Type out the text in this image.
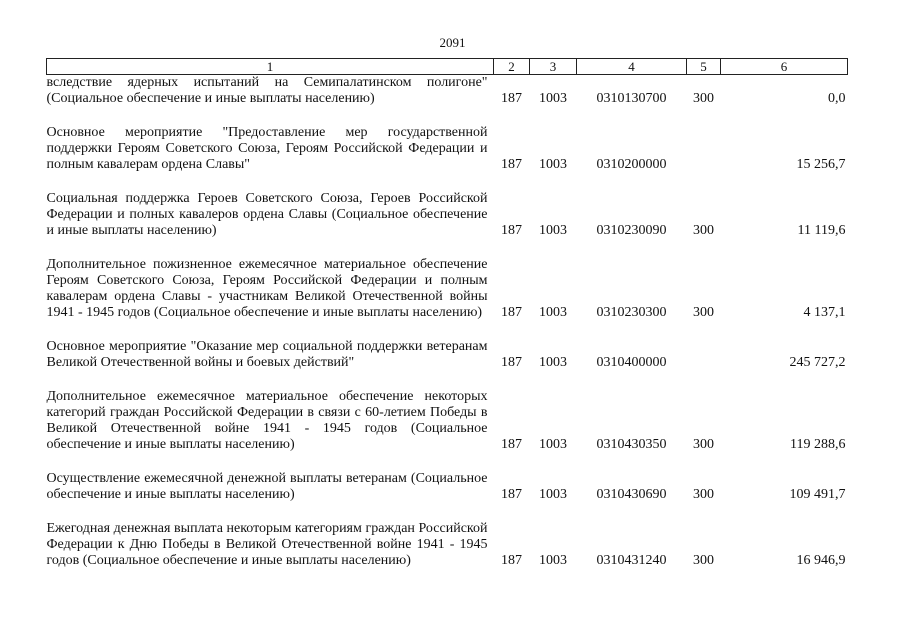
2091
1	2	3	4	5	6
вследствие ядерных испытаний на Семипалатинском полигоне" (Социальное обеспечение и иные выплаты населению)	187	1003	0310130700	300	0,0

Основное мероприятие "Предоставление мер государственной поддержки Героям Советского Союза, Героям Российской Федерации и полным кавалерам ордена Славы"	187	1003	0310200000		15 256,7

Социальная поддержка Героев Советского Союза, Героев Российской Федерации и полных кавалеров ордена Славы (Социальное обеспечение и иные выплаты населению)	187	1003	0310230090	300	11 119,6

Дополнительное пожизненное ежемесячное материальное обеспечение Героям Советского Союза, Героям Российской Федерации и полным кавалерам ордена Славы - участникам Великой Отечественной войны 1941 - 1945 годов (Социальное обеспечение и иные выплаты населению)	187	1003	0310230300	300	4 137,1

Основное мероприятие "Оказание мер социальной поддержки ветеранам Великой Отечественной войны и боевых действий"	187	1003	0310400000		245 727,2

Дополнительное ежемесячное материальное обеспечение некоторых категорий граждан Российской Федерации в связи с 60-летием Победы в Великой Отечественной войне 1941 - 1945 годов (Социальное обеспечение и иные выплаты населению)	187	1003	0310430350	300	119 288,6

Осуществление ежемесячной денежной выплаты ветеранам (Социальное обеспечение и иные выплаты населению)	187	1003	0310430690	300	109 491,7

Ежегодная денежная выплата некоторым категориям граждан Российской Федерации к Дню Победы в Великой Отечественной войне 1941 - 1945 годов (Социальное обеспечение и иные выплаты населению)	187	1003	0310431240	300	16 946,9
